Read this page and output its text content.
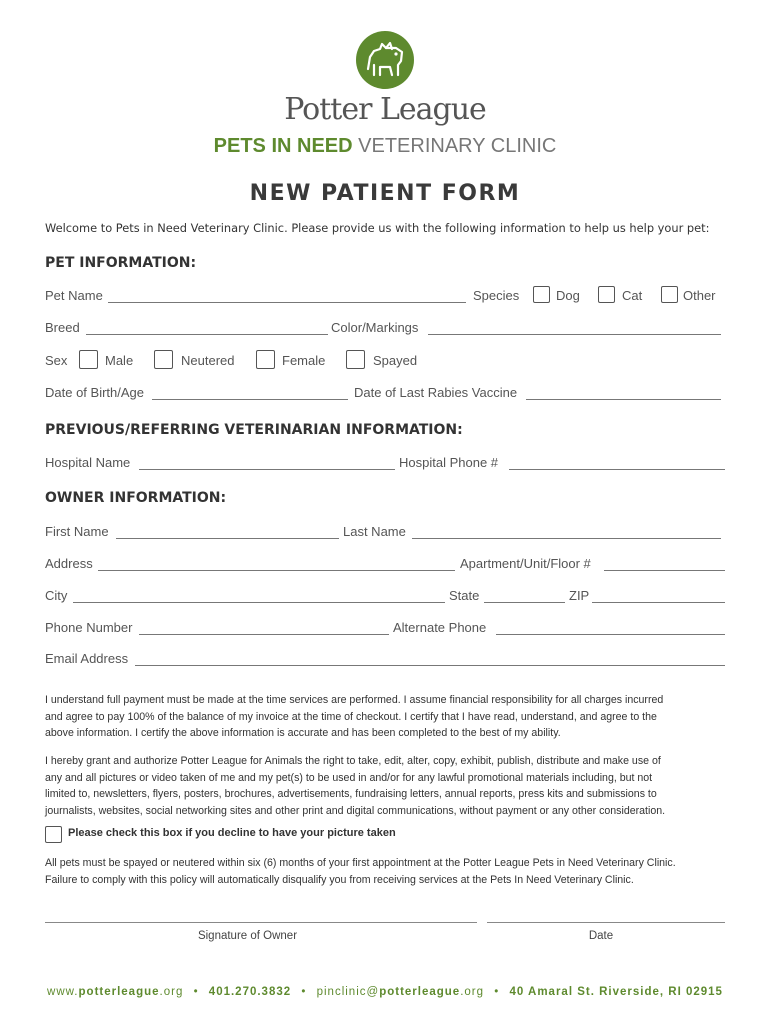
Potter League
PETS IN NEED VETERINARY CLINIC
NEW PATIENT FORM
Welcome to Pets in Need Veterinary Clinic. Please provide us with the following information to help us help your pet:
PET INFORMATION:
Pet Name	Species	Dog	Cat	Other
Breed	Color/Markings
Sex	Male	Neutered	Female	Spayed
Date of Birth/Age	Date of Last Rabies Vaccine
PREVIOUS/REFERRING VETERINARIAN INFORMATION:
Hospital Name	Hospital Phone #
OWNER INFORMATION:
First Name	Last Name
Address	Apartment/Unit/Floor #
City	State	ZIP
Phone Number	Alternate Phone
Email Address
I understand full payment must be made at the time services are performed. I assume financial responsibility for all charges incurred
and agree to pay 100% of the balance of my invoice at the time of checkout. I certify that I have read, understand, and agree to the
above information. I certify the above information is accurate and has been completed to the best of my ability.
I hereby grant and authorize Potter League for Animals the right to take, edit, alter, copy, exhibit, publish, distribute and make use of
any and all pictures or video taken of me and my pet(s) to be used in and/or for any lawful promotional materials including, but not
limited to, newsletters, flyers, posters, brochures, advertisements, fundraising letters, annual reports, press kits and submissions to
journalists, websites, social networking sites and other print and digital communications, without payment or any other consideration.
Please check this box if you decline to have your picture taken
All pets must be spayed or neutered within six (6) months of your first appointment at the Potter League Pets in Need Veterinary Clinic.
Failure to comply with this policy will automatically disqualify you from receiving services at the Pets In Need Veterinary Clinic.
Signature of Owner	Date
www.potterleague.org • 401.270.3832 • pinclinic@potterleague.org • 40 Amaral St. Riverside, RI 02915
